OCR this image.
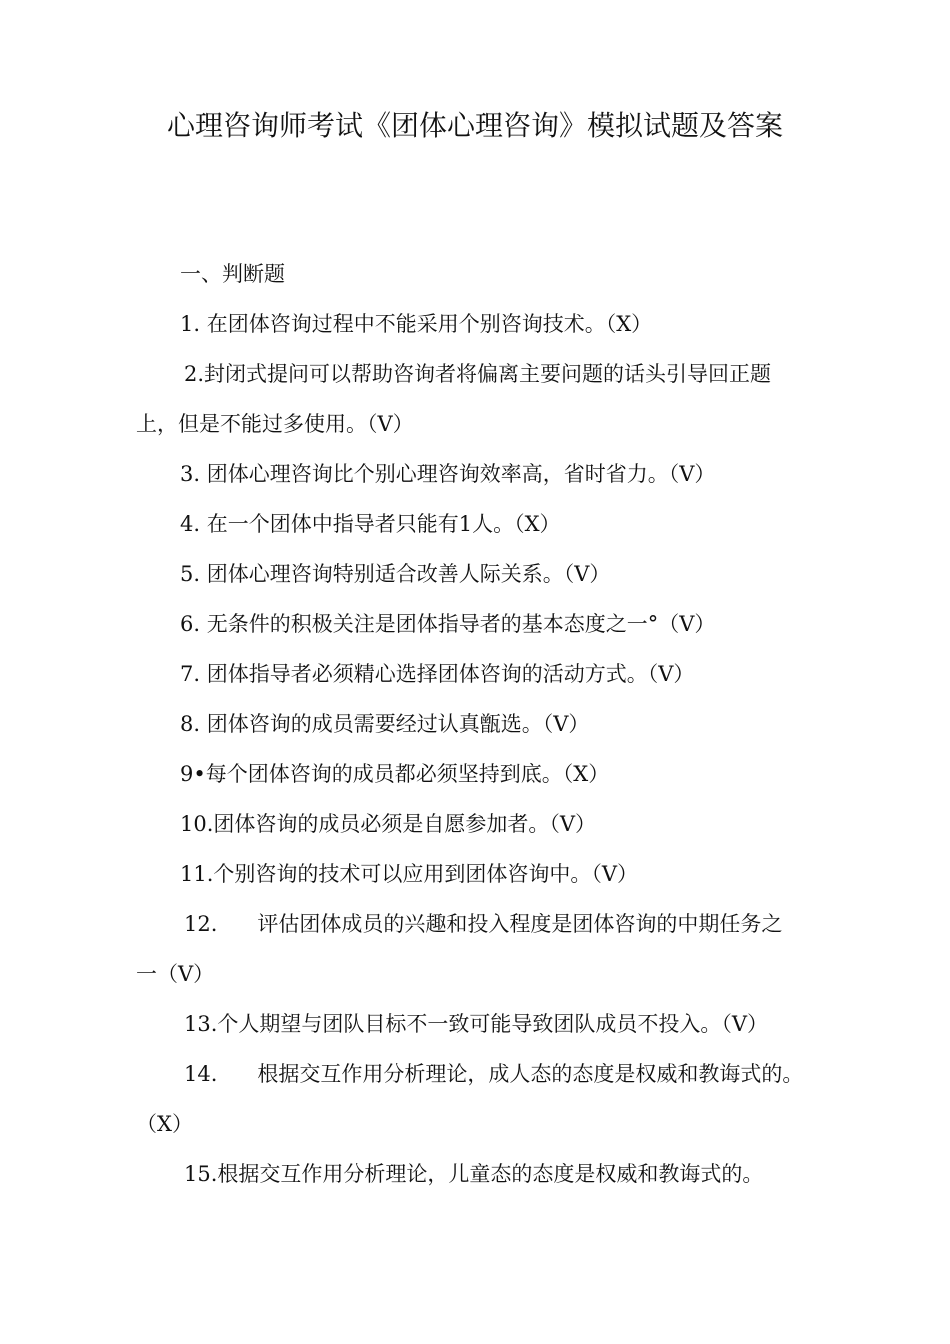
心理咨询师考试《团体心理咨询》模拟试题及答案
一、判断题
1. 在团体咨询过程中不能采用个别咨询技术。（X）
2.封闭式提问可以帮助咨询者将偏离主要问题的话头引导回正题
上，但是不能过多使用。（V）
3. 团体心理咨询比个别心理咨询效率高，省时省力。（V）
4. 在一个团体中指导者只能有1人。（X）
5. 团体心理咨询特别适合改善人际关系。（V）
6. 无条件的积极关注是团体指导者的基本态度之一°（V）
7. 团体指导者必须精心选择团体咨询的活动方式。（V）
8. 团体咨询的成员需要经过认真甑选。（V）
9•每个团体咨询的成员都必须坚持到底。（X）
10.团体咨询的成员必须是自愿参加者。（V）
11.个别咨询的技术可以应用到团体咨询中。（V）
12. 评估团体成员的兴趣和投入程度是团体咨询的中期任务之
一（V）
13.个人期望与团队目标不一致可能导致团队成员不投入。（V）
14. 根据交互作用分析理论，成人态的态度是权威和教诲式的。
（X）
15.根据交互作用分析理论，儿童态的态度是权威和教诲式的。
